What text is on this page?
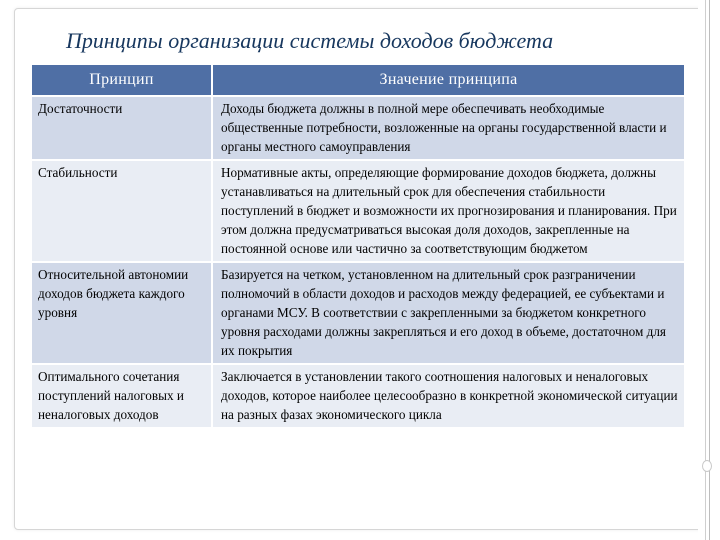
Принципы организации системы доходов бюджета
Принцип	Значение принципа
Достаточности	Доходы бюджета должны в полной мере обеспечивать необходимые общественные потребности, возложенные на органы государственной власти и органы местного самоуправления
Стабильности	Нормативные акты, определяющие формирование доходов бюджета, должны устанавливаться на длительный срок для обеспечения стабильности поступлений в бюджет и возможности их прогнозирования и планирования. При этом должна предусматриваться высокая доля доходов, закрепленные на постоянной основе или частично за соответствующим бюджетом
Относительной автономии доходов бюджета каждого уровня	Базируется на четком, установленном на длительный срок разграничении полномочий в области доходов и расходов между федерацией, ее субъектами и органами МСУ. В соответствии с закрепленными за бюджетом конкретного уровня расходами должны закрепляться и его доход в объеме, достаточном для их покрытия
Оптимального сочетания поступлений налоговых и неналоговых доходов	Заключается в установлении такого соотношения налоговых и неналоговых доходов, которое наиболее целесообразно в конкретной экономической ситуации на разных фазах экономического цикла
